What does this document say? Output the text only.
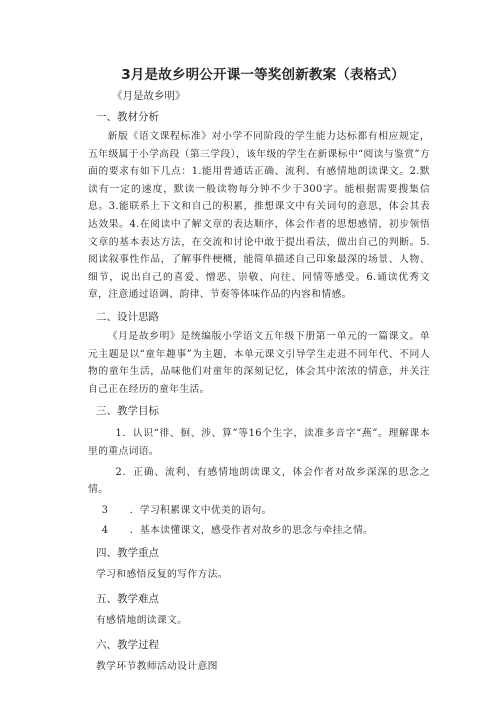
3月是故乡明公开课一等奖创新教案（表格式）
《月是故乡明》
一、教材分析

新版《语文课程标准》对小学不同阶段的学生能力达标都有相应规定，五年级属于小学高段（第三学段），该年级的学生在新课标中“阅读与鉴赏”方面的要求有如下几点：1.能用普通话正确、流利、有感情地朗读课文。2.默读有一定的速度，默读一般读物每分钟不少于300字。能根据需要搜集信息。3.能联系上下文和自己的积累，推想课文中有关词句的意思，体会其表达效果。4.在阅读中了解文章的表达顺序，体会作者的思想感情，初步领悟文章的基本表达方法，在交流和讨论中敢于提出看法，做出自己的判断。5.阅读叙事性作品，了解事件梗概，能简单描述自己印象最深的场景、人物、细节，说出自己的喜爱、憎恶、崇敬、向往、同情等感受。6.诵读优秀文章，注意通过语调、韵律、节奏等体味作品的内容和情感。

二、设计思路

《月是故乡明》是统编版小学语文五年级下册第一单元的一篇课文。单元主题是以“童年趣事”为主题，本单元课文引导学生走进不同年代、不同人物的童年生活，品味他们对童年的深刻记忆，体会其中浓浓的情意，并关注自己正在经历的童年生活。

三、教学目标

1．认识“徘、徊、涉、算”等16个生字，读准多音字“燕”。理解课本里的重点词语。

2．正确、流利、有感情地朗读课文，体会作者对故乡深深的思念之情。

3 ．学习积累课文中优美的语句。

4 ．基本读懂课文，感受作者对故乡的思念与牵挂之情。

四、教学重点
学习和感悟反复的写作方法。
五、教学难点
有感情地朗读课文。
六、教学过程
教学环节教师活动设计意图
